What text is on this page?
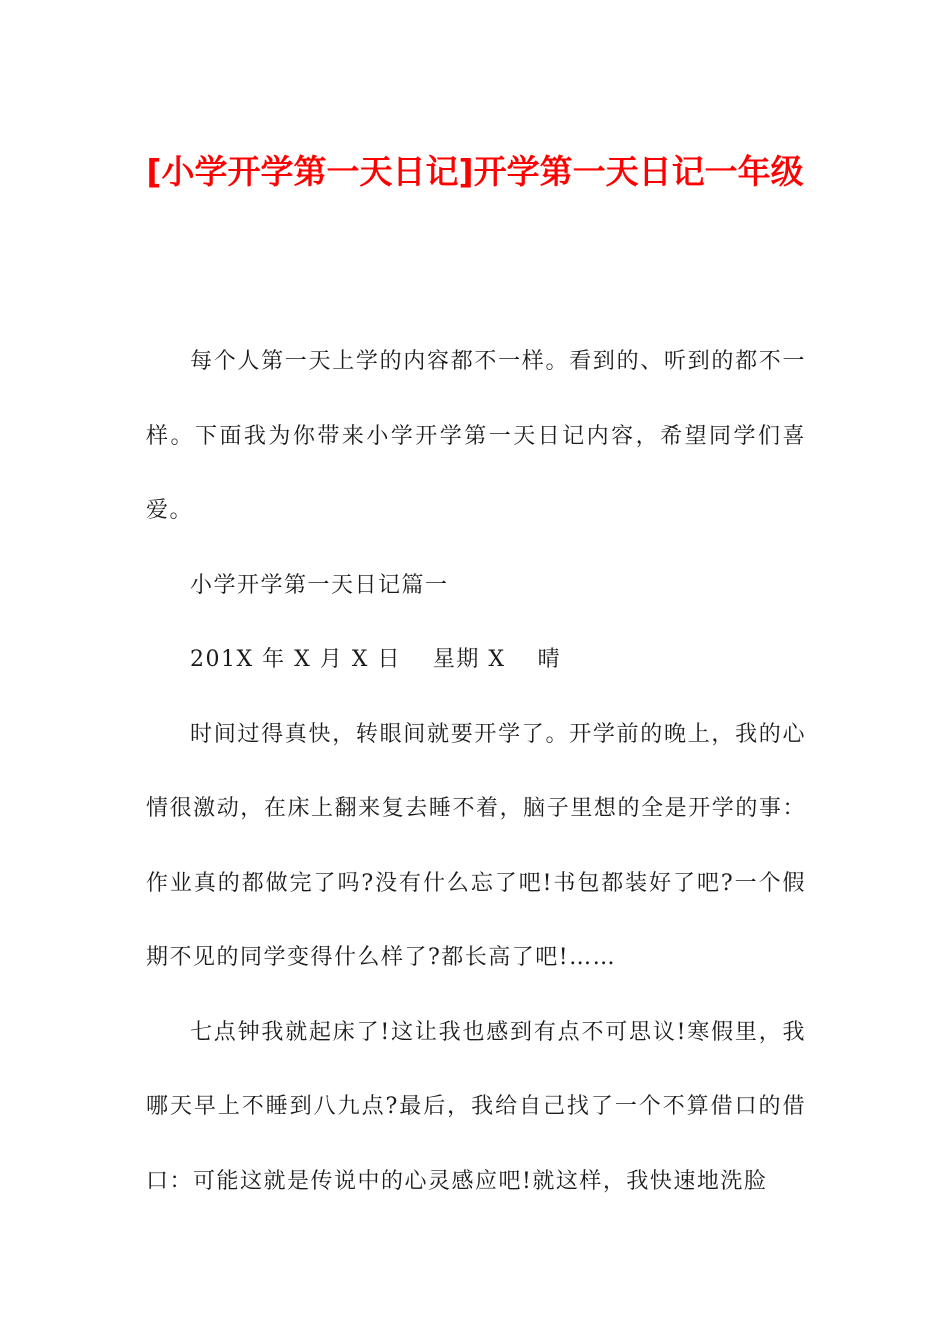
[小学开学第一天日记]开学第一天日记一年级

每个人第一天上学的内容都不一样。看到的、听到的都不一样。下面我为你带来小学开学第一天日记内容，希望同学们喜爱。

小学开学第一天日记篇一

201X 年 X 月 X 日　 星期 X　 晴

时间过得真快，转眼间就要开学了。开学前的晚上，我的心情很激动，在床上翻来复去睡不着，脑子里想的全是开学的事：作业真的都做完了吗?没有什么忘了吧!书包都装好了吧?一个假期不见的同学变得什么样了?都长高了吧!……

七点钟我就起床了!这让我也感到有点不可思议!寒假里，我哪天早上不睡到八九点?最后，我给自己找了一个不算借口的借口：可能这就是传说中的心灵感应吧!就这样，我快速地洗脸
